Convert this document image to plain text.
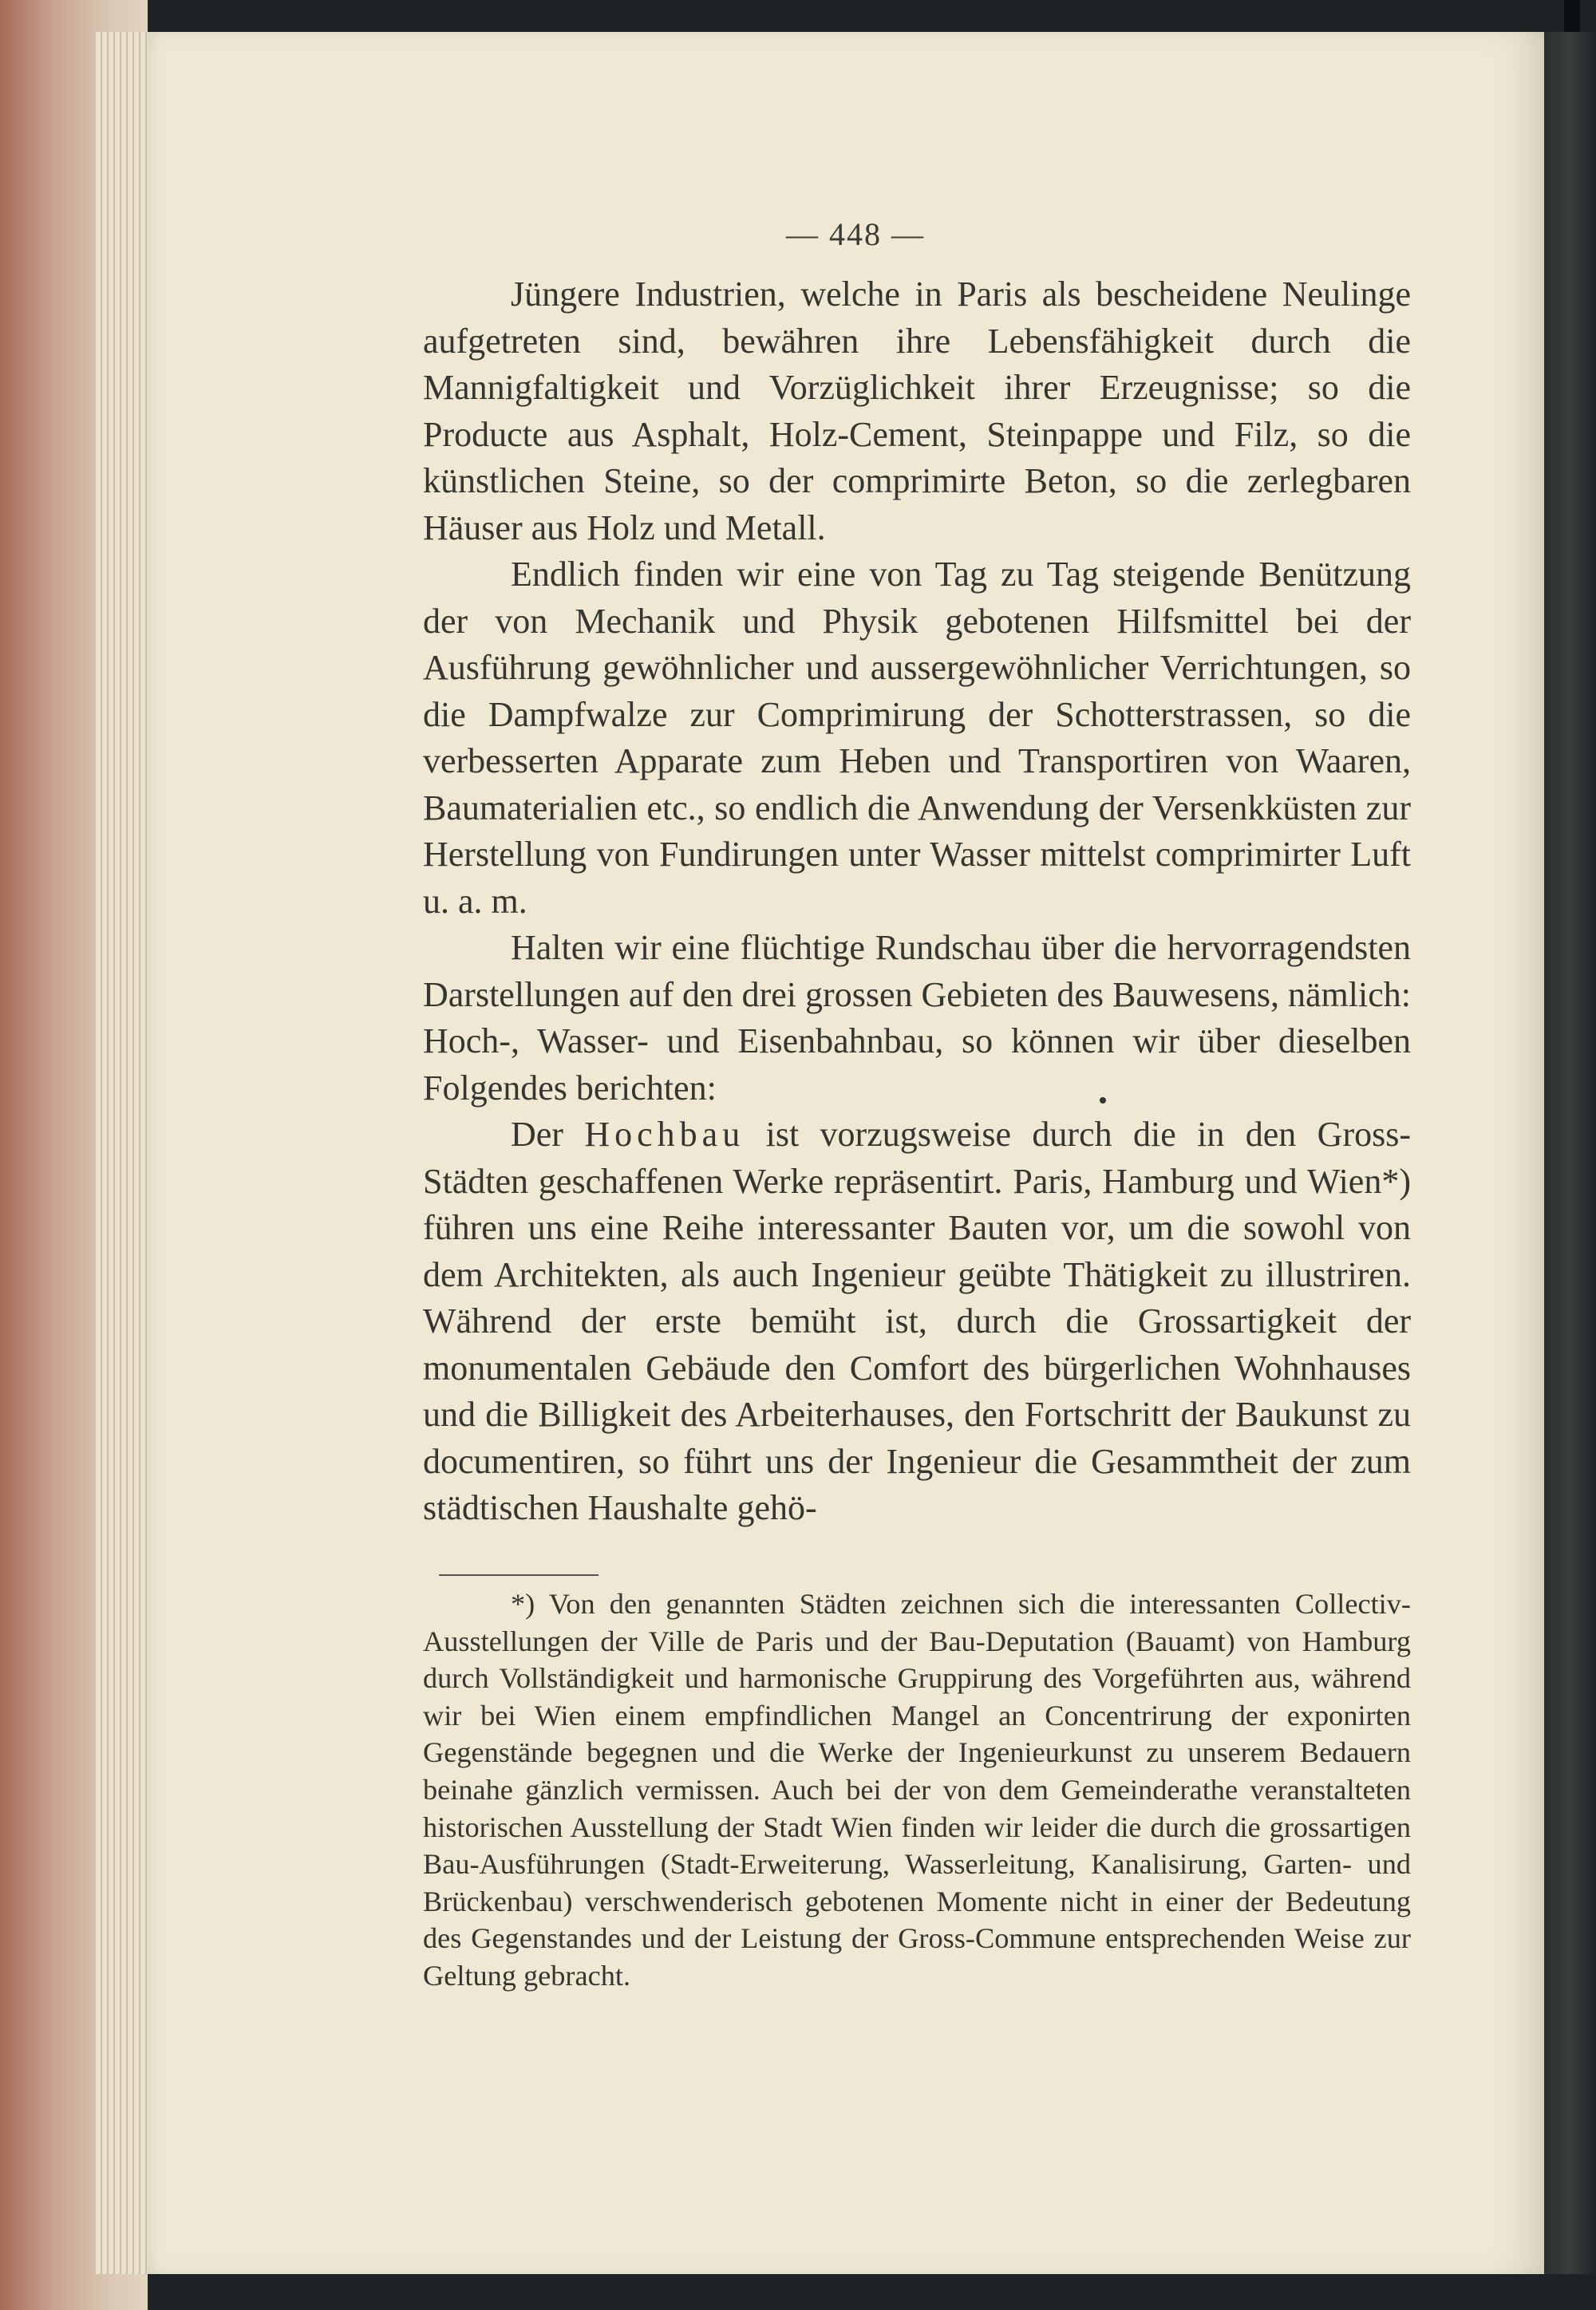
— 448 —

Jüngere Industrien, welche in Paris als bescheidene Neulinge aufgetreten sind, bewähren ihre Lebensfähigkeit durch die Mannigfaltigkeit und Vorzüglichkeit ihrer Erzeugnisse; so die Producte aus Asphalt, Holz-Cement, Steinpappe und Filz, so die künstlichen Steine, so der comprimirte Beton, so die zerlegbaren Häuser aus Holz und Metall.

Endlich finden wir eine von Tag zu Tag steigende Benützung der von Mechanik und Physik gebotenen Hilfsmittel bei der Ausführung gewöhnlicher und aussergewöhnlicher Verrichtungen, so die Dampfwalze zur Comprimirung der Schotterstrassen, so die verbesserten Apparate zum Heben und Transportiren von Waaren, Baumaterialien etc., so endlich die Anwendung der Versenkküsten zur Herstellung von Fundirungen unter Wasser mittelst comprimirter Luft u. a. m.

Halten wir eine flüchtige Rundschau über die hervorragendsten Darstellungen auf den drei grossen Gebieten des Bauwesens, nämlich: Hoch-, Wasser- und Eisenbahnbau, so können wir über dieselben Folgendes berichten:

Der Hochbau ist vorzugsweise durch die in den Gross-Städten geschaffenen Werke repräsentirt. Paris, Hamburg und Wien*) führen uns eine Reihe interessanter Bauten vor, um die sowohl von dem Architekten, als auch Ingenieur geübte Thätigkeit zu illustriren. Während der erste bemüht ist, durch die Grossartigkeit der monumentalen Gebäude den Comfort des bürgerlichen Wohnhauses und die Billigkeit des Arbeiterhauses, den Fortschritt der Baukunst zu documentiren, so führt uns der Ingenieur die Gesammtheit der zum städtischen Haushalte gehö-

*) Von den genannten Städten zeichnen sich die interessanten Collectiv-Ausstellungen der Ville de Paris und der Bau-Deputation (Bauamt) von Hamburg durch Vollständigkeit und harmonische Gruppirung des Vorgeführten aus, während wir bei Wien einem empfindlichen Mangel an Concentrirung der exponirten Gegenstände begegnen und die Werke der Ingenieurkunst zu unserem Bedauern beinahe gänzlich vermissen. Auch bei der von dem Gemeinderathe veranstalteten historischen Ausstellung der Stadt Wien finden wir leider die durch die grossartigen Bau-Ausführungen (Stadt-Erweiterung, Wasserleitung, Kanalisirung, Garten- und Brückenbau) verschwenderisch gebotenen Momente nicht in einer der Bedeutung des Gegenstandes und der Leistung der Gross-Commune entsprechenden Weise zur Geltung gebracht.
